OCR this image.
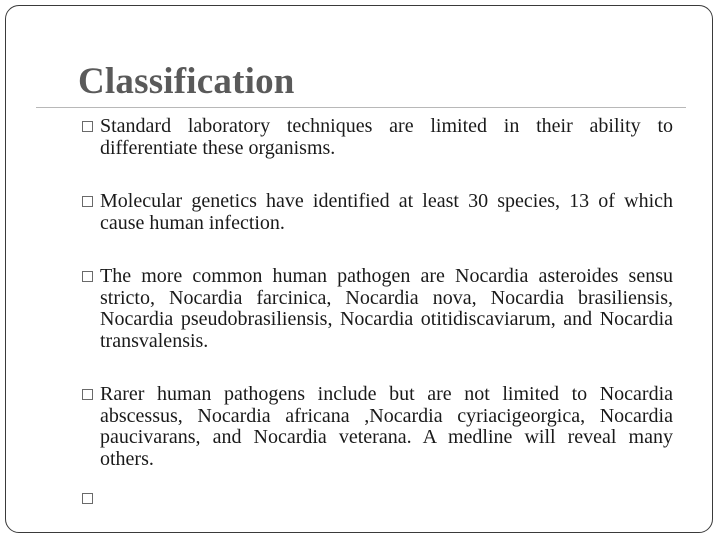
Classification
Standard laboratory techniques are limited in their ability to differentiate these organisms.
Molecular genetics have identified at least 30 species, 13 of which cause human infection.
The more common human pathogen are Nocardia asteroides sensu stricto, Nocardia farcinica, Nocardia nova, Nocardia brasiliensis, Nocardia pseudobrasiliensis, Nocardia otitidiscaviarum, and Nocardia transvalensis.
Rarer human pathogens include but are not limited to Nocardia abscessus, Nocardia africana ,Nocardia cyriacigeorgica, Nocardia paucivarans, and Nocardia veterana. A medline will reveal many others.
